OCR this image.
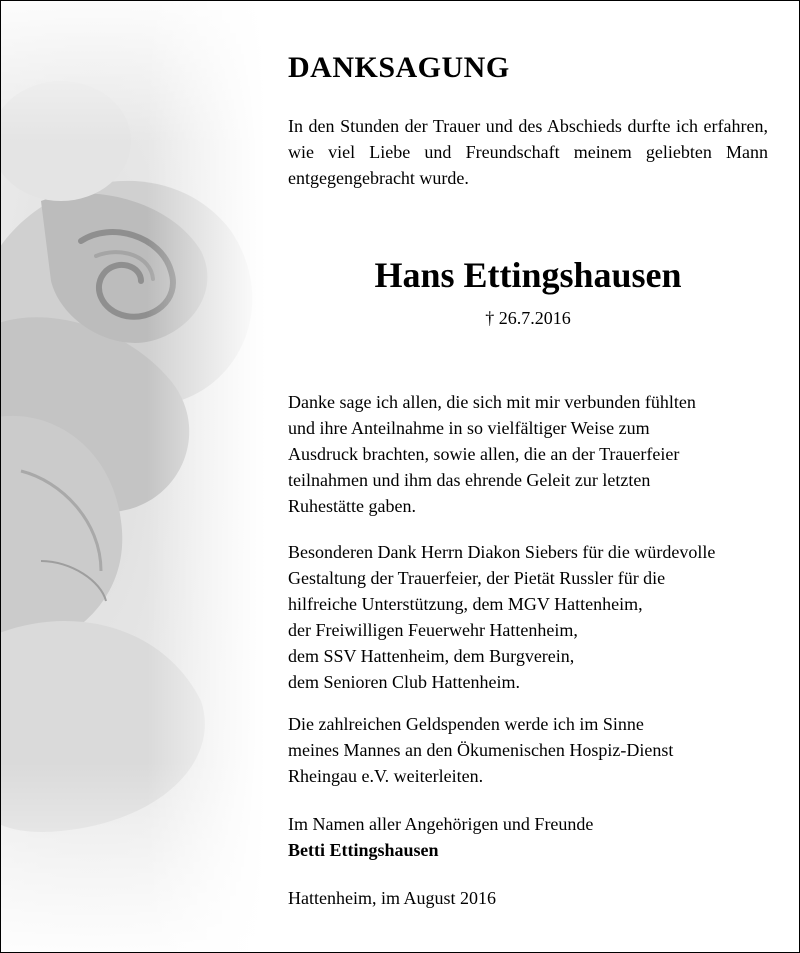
DANKSAGUNG

In den Stunden der Trauer und des Abschieds durfte ich erfahren, wie viel Liebe und Freundschaft meinem geliebten Mann entgegengebracht wurde.

Hans Ettingshausen

† 26.7.2016

Danke sage ich allen, die sich mit mir verbunden fühlten
und ihre Anteilnahme in so vielfältiger Weise zum
Ausdruck brachten, sowie allen, die an der Trauerfeier
teilnahmen und ihm das ehrende Geleit zur letzten
Ruhestätte gaben.
Besonderen Dank Herrn Diakon Siebers für die würdevolle
Gestaltung der Trauerfeier, der Pietät Russler für die
hilfreiche Unterstützung, dem MGV Hattenheim,
der Freiwilligen Feuerwehr Hattenheim,
dem SSV Hattenheim, dem Burgverein,
dem Senioren Club Hattenheim.
Die zahlreichen Geldspenden werde ich im Sinne
meines Mannes an den Ökumenischen Hospiz-Dienst
Rheingau e.V. weiterleiten.
Im Namen aller Angehörigen und Freunde
Betti Ettingshausen
Hattenheim, im August 2016
